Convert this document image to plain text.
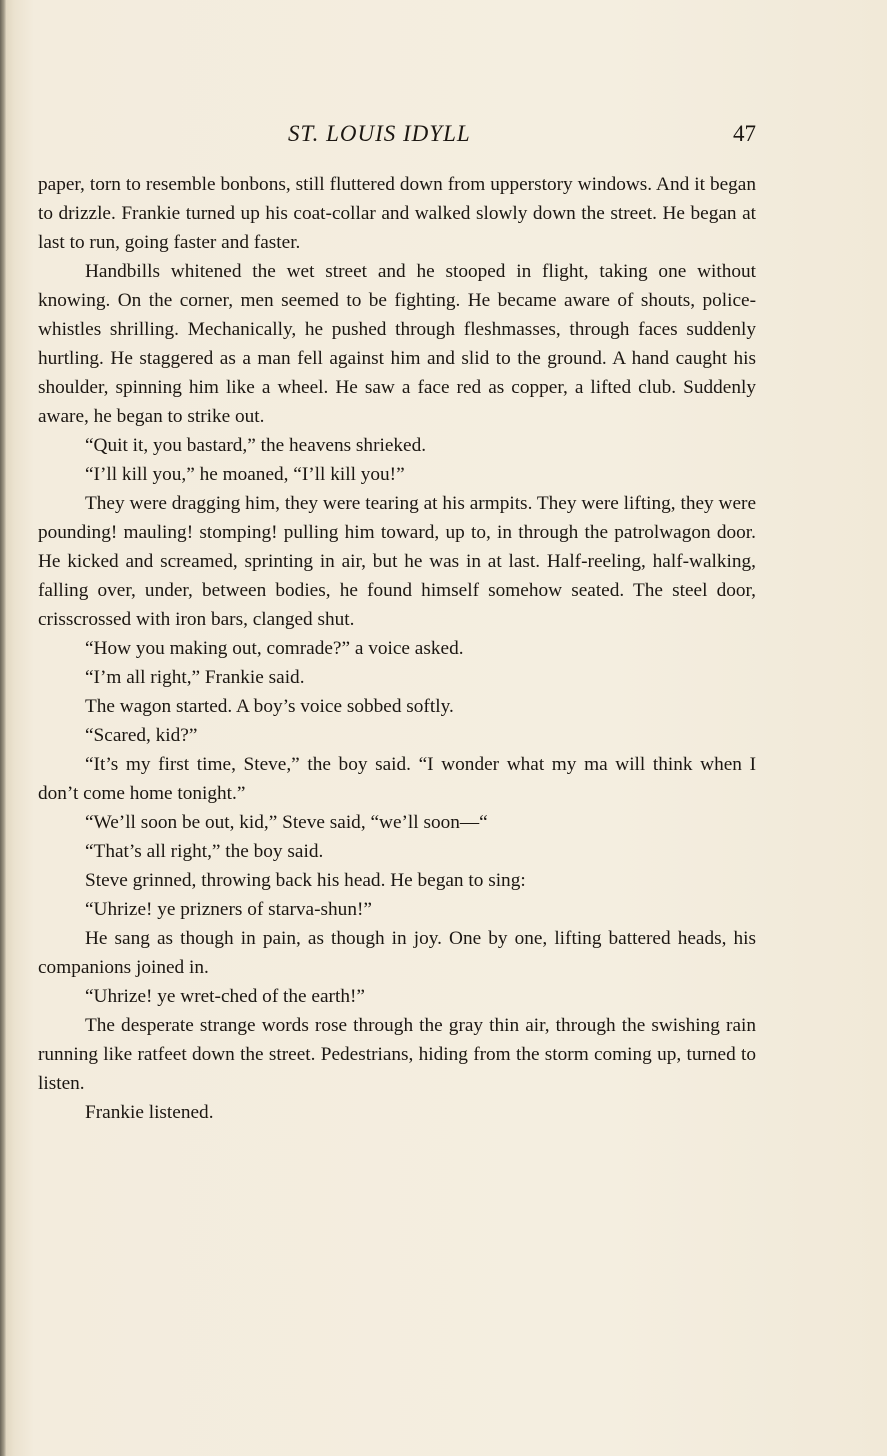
ST. LOUIS IDYLL	47

paper, torn to resemble bonbons, still fluttered down from upperstory windows. And it began to drizzle. Frankie turned up his coat-collar and walked slowly down the street. He began at last to run, going faster and faster.

Handbills whitened the wet street and he stooped in flight, taking one without knowing. On the corner, men seemed to be fighting. He became aware of shouts, police-whistles shrilling. Mechanically, he pushed through fleshmasses, through faces suddenly hurtling. He staggered as a man fell against him and slid to the ground. A hand caught his shoulder, spinning him like a wheel. He saw a face red as copper, a lifted club. Suddenly aware, he began to strike out.

“Quit it, you bastard,” the heavens shrieked.

“I’ll kill you,” he moaned, “I’ll kill you!”

They were dragging him, they were tearing at his armpits. They were lifting, they were pounding! mauling! stomping! pulling him toward, up to, in through the patrolwagon door. He kicked and screamed, sprinting in air, but he was in at last. Half-reeling, half-walking, falling over, under, between bodies, he found himself somehow seated. The steel door, crisscrossed with iron bars, clanged shut.

“How you making out, comrade?” a voice asked.

“I’m all right,” Frankie said.

The wagon started. A boy’s voice sobbed softly.

“Scared, kid?”

“It’s my first time, Steve,” the boy said. “I wonder what my ma will think when I don’t come home tonight.”

“We’ll soon be out, kid,” Steve said, “we’ll soon—“

“That’s all right,” the boy said.

Steve grinned, throwing back his head. He began to sing:

“Uhrize! ye prizners of starva-shun!”

He sang as though in pain, as though in joy. One by one, lifting battered heads, his companions joined in.

“Uhrize! ye wret-ched of the earth!”

The desperate strange words rose through the gray thin air, through the swishing rain running like ratfeet down the street. Pedestrians, hiding from the storm coming up, turned to listen.

Frankie listened.
